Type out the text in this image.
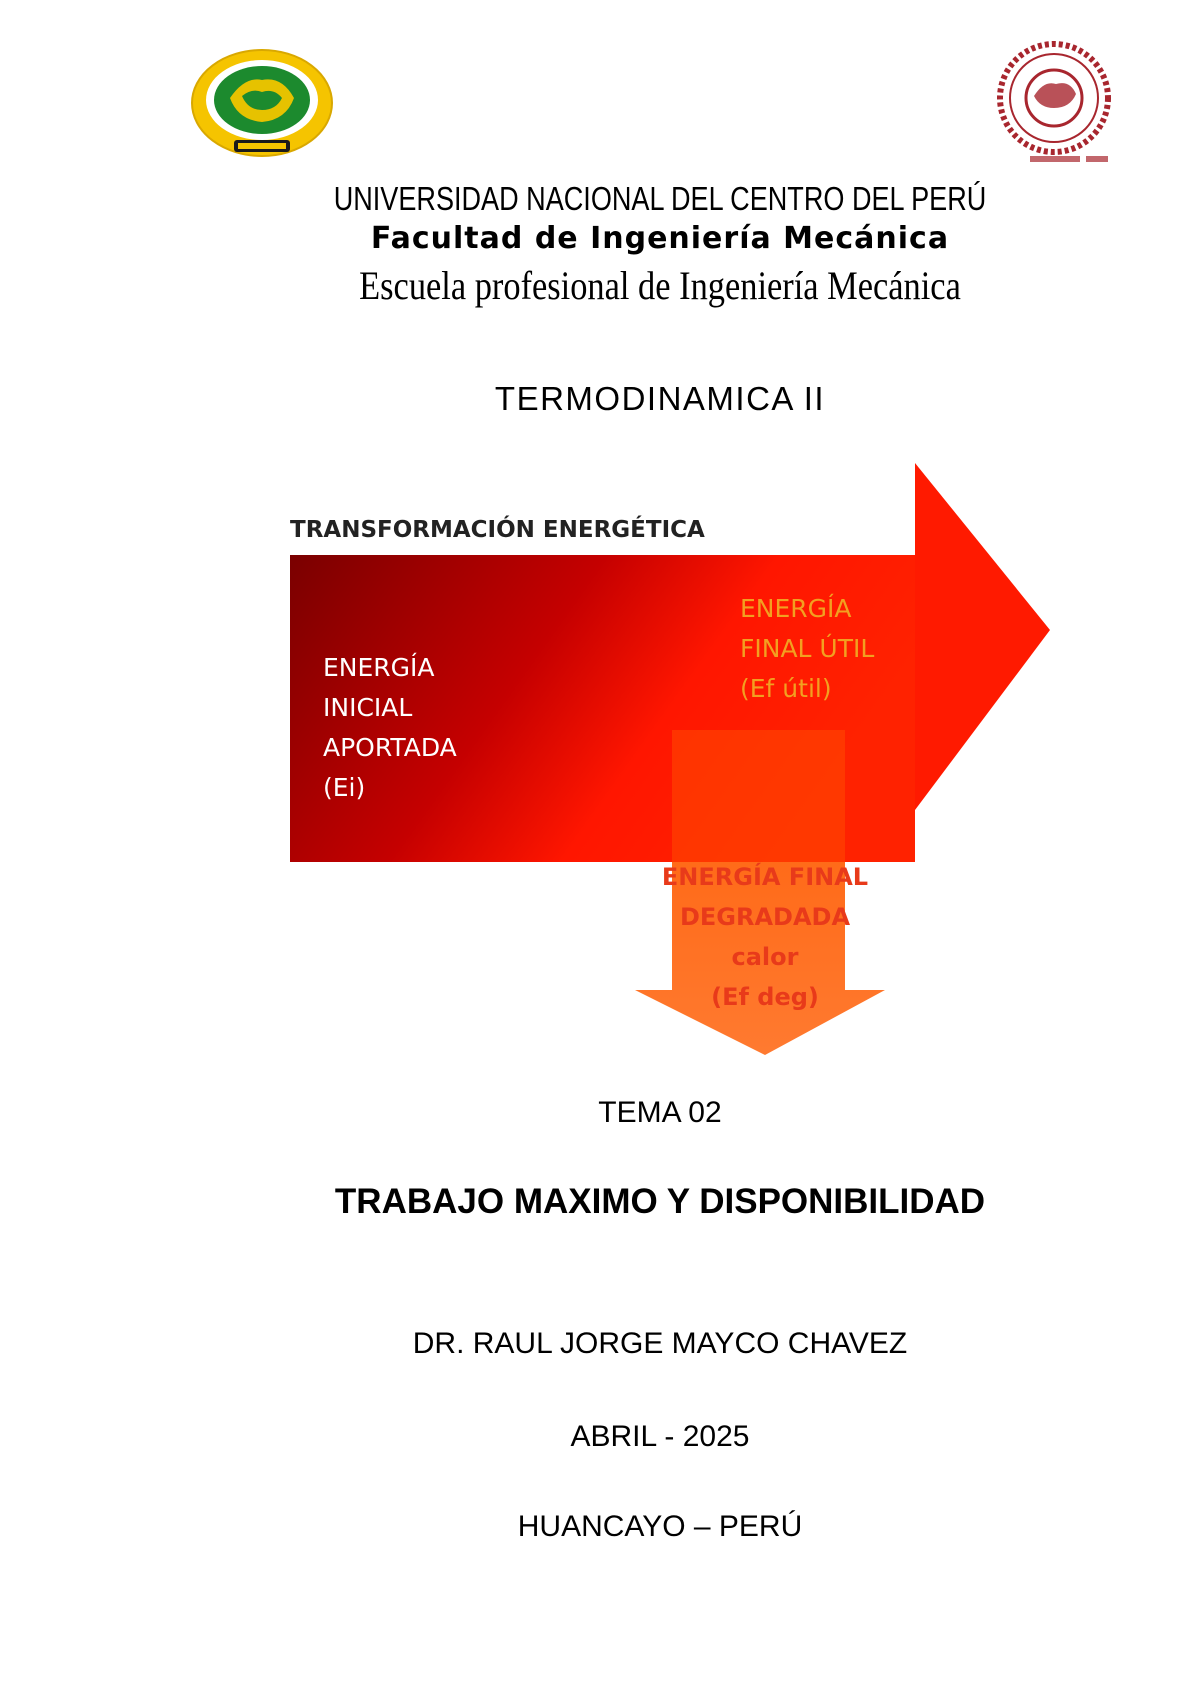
UNIVERSIDAD NACIONAL DEL CENTRO DEL PERÚ
Facultad de Ingeniería Mecánica
Escuela profesional de Ingeniería Mecánica
TERMODINAMICA II
TRANSFORMACIÓN ENERGÉTICA
ENERGÍA
INICIAL
APORTADA
(Ei)
ENERGÍA
FINAL ÚTIL
(Ef útil)
ENERGÍA FINAL
DEGRADADA
calor
(Ef deg)
TEMA 02
TRABAJO MAXIMO Y DISPONIBILIDAD
DR. RAUL JORGE MAYCO CHAVEZ
ABRIL - 2025
HUANCAYO – PERÚ
